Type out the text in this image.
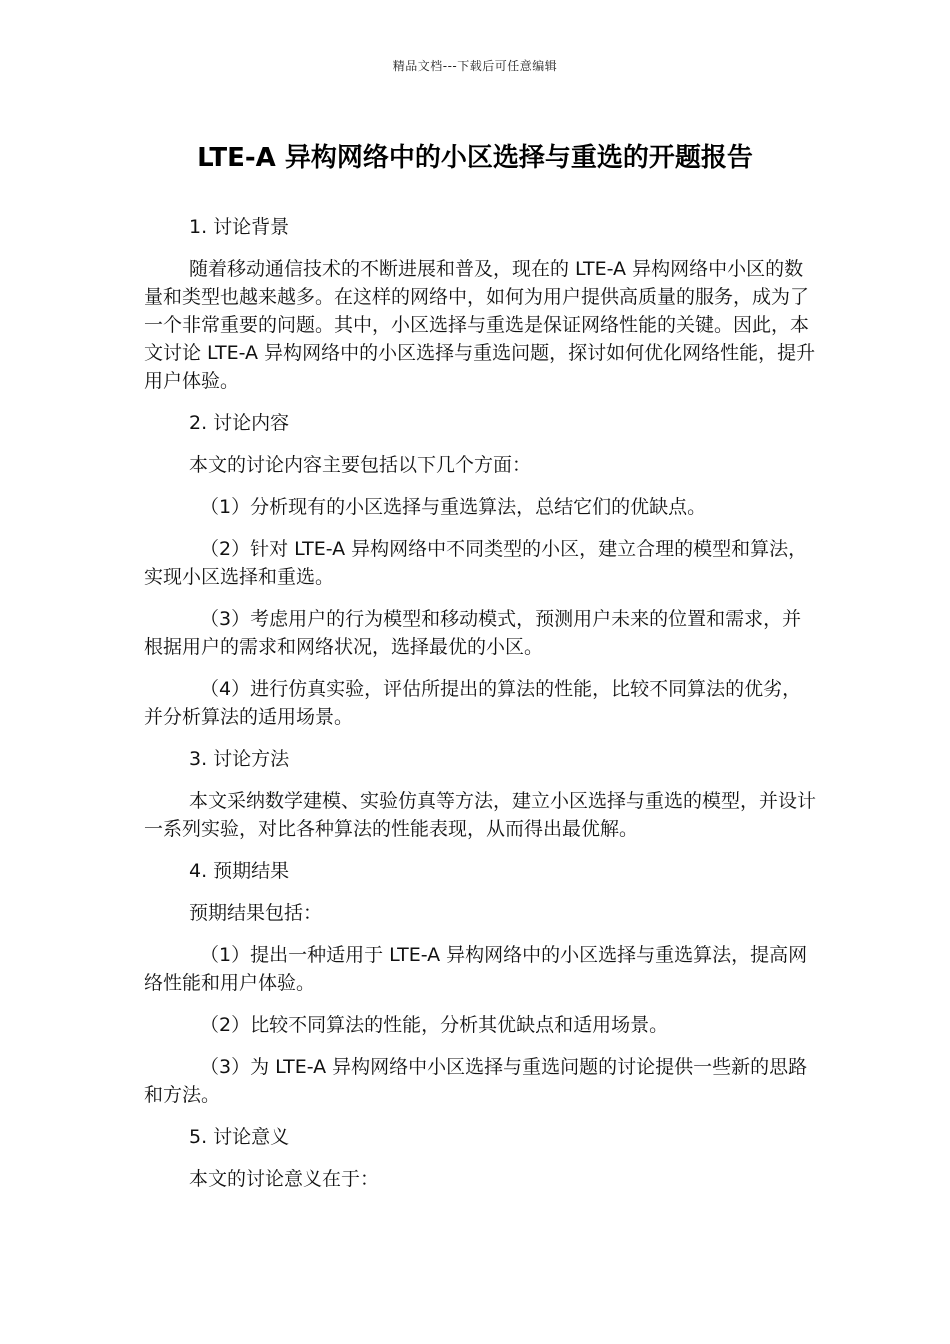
精品文档---下载后可任意编辑
LTE-A 异构网络中的小区选择与重选的开题报告

1. 讨论背景

随着移动通信技术的不断进展和普及，现在的 LTE-A 异构网络中小区的数量和类型也越来越多。在这样的网络中，如何为用户提供高质量的服务，成为了一个非常重要的问题。其中，小区选择与重选是保证网络性能的关键。因此，本文讨论 LTE-A 异构网络中的小区选择与重选问题，探讨如何优化网络性能，提升用户体验。

2. 讨论内容

本文的讨论内容主要包括以下几个方面：

（1）分析现有的小区选择与重选算法，总结它们的优缺点。

（2）针对 LTE-A 异构网络中不同类型的小区，建立合理的模型和算法，实现小区选择和重选。

（3）考虑用户的行为模型和移动模式，预测用户未来的位置和需求，并根据用户的需求和网络状况，选择最优的小区。

（4）进行仿真实验，评估所提出的算法的性能，比较不同算法的优劣，并分析算法的适用场景。

3. 讨论方法

本文采纳数学建模、实验仿真等方法，建立小区选择与重选的模型，并设计一系列实验，对比各种算法的性能表现，从而得出最优解。

4. 预期结果

预期结果包括：

（1）提出一种适用于 LTE-A 异构网络中的小区选择与重选算法，提高网络性能和用户体验。

（2）比较不同算法的性能，分析其优缺点和适用场景。

（3）为 LTE-A 异构网络中小区选择与重选问题的讨论提供一些新的思路和方法。

5. 讨论意义

本文的讨论意义在于：
